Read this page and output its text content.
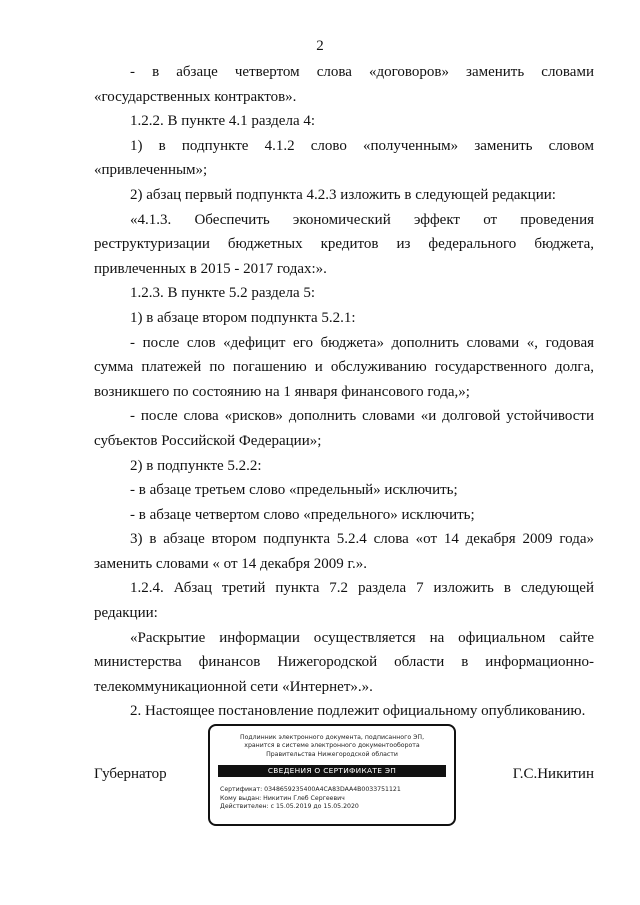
2

- в абзаце четвертом слова «договоров» заменить словами «государственных контрактов».

1.2.2. В пункте 4.1 раздела 4:

1) в подпункте 4.1.2 слово «полученным» заменить словом «привлеченным»;

2) абзац первый подпункта 4.2.3 изложить в следующей редакции:

«4.1.3. Обеспечить экономический эффект от проведения реструктуризации бюджетных кредитов из федерального бюджета, привлеченных в 2015 - 2017 годах:».

1.2.3. В пункте 5.2 раздела 5:

1) в абзаце втором подпункта 5.2.1:

- после слов «дефицит его бюджета» дополнить словами «, годовая сумма платежей по погашению и обслуживанию государственного долга, возникшего по состоянию на 1 января финансового года,»;

- после слова «рисков» дополнить словами «и долговой устойчивости субъектов Российской Федерации»;

2) в подпункте 5.2.2:

- в абзаце третьем слово «предельный» исключить;

- в абзаце четвертом слово «предельного» исключить;

3) в абзаце втором подпункта 5.2.4 слова «от 14 декабря 2009 года» заменить словами « от 14 декабря 2009 г.».

1.2.4. Абзац третий пункта 7.2 раздела 7 изложить в следующей редакции:

«Раскрытие информации осуществляется на официальном сайте министерства финансов Нижегородской области в информационно-телекоммуникационной сети «Интернет».».

2. Настоящее постановление подлежит официальному опубликованию.

Губернатор	Г.С.Никитин
Подлинник электронного документа, подписанного ЭП,
хранится в системе электронного документооборота
Правительства Нижегородской области
СВЕДЕНИЯ О СЕРТИФИКАТЕ ЭП
Сертификат: 0348659235400A4CA83DAA4B0033751121
Кому выдан: Никитин Глеб Сергеевич
Действителен: с 15.05.2019 до 15.05.2020
